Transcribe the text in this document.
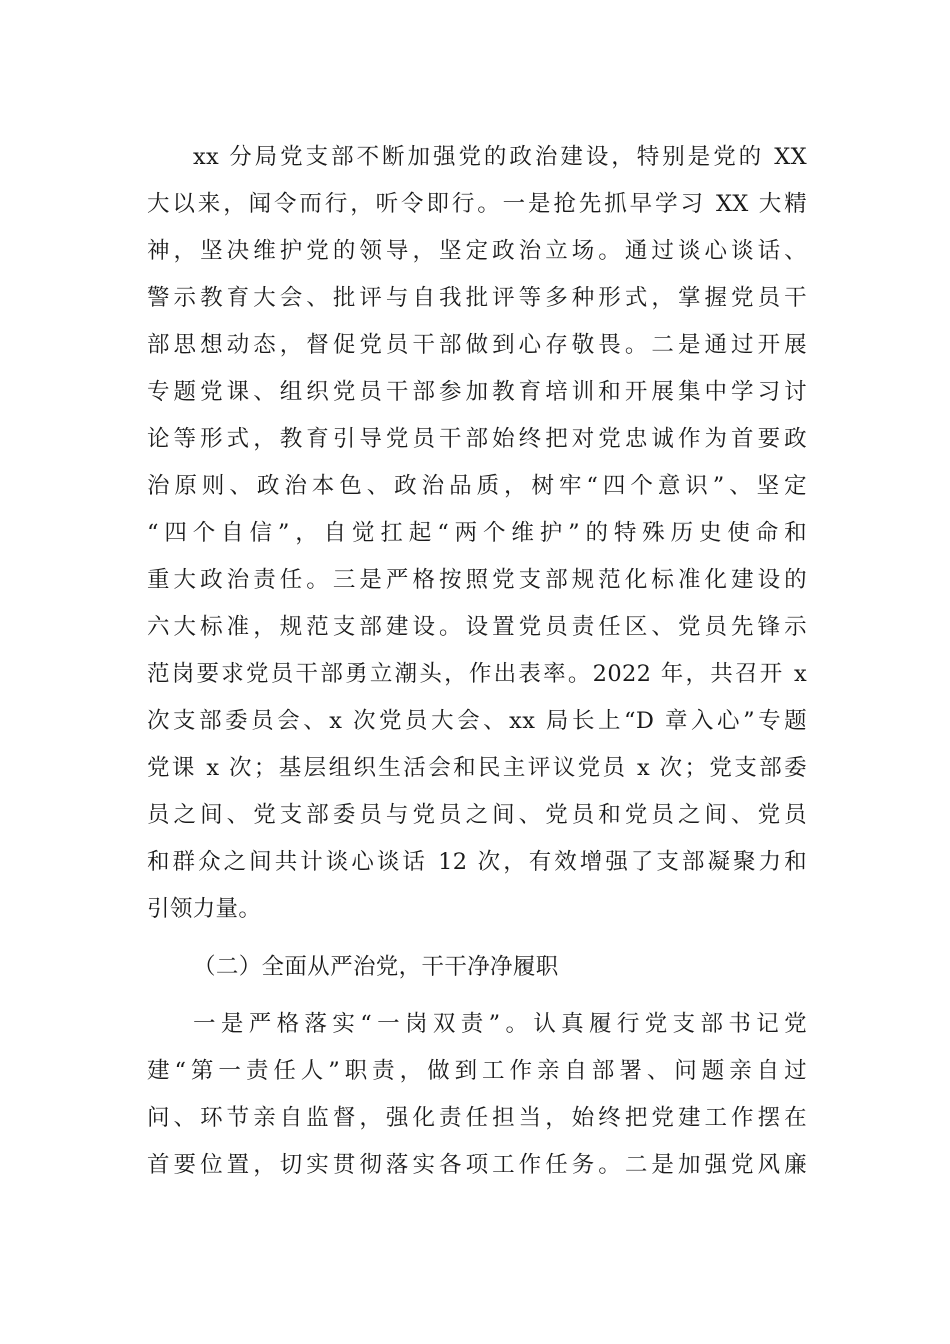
xx 分局党支部不断加强党的政治建设，特别是党的 XX
大以来，闻令而行，听令即行。一是抢先抓早学习 XX 大精
神，坚决维护党的领导，坚定政治立场。通过谈心谈话、
警示教育大会、批评与自我批评等多种形式，掌握党员干
部思想动态，督促党员干部做到心存敬畏。二是通过开展
专题党课、组织党员干部参加教育培训和开展集中学习讨
论等形式，教育引导党员干部始终把对党忠诚作为首要政
治原则、政治本色、政治品质，树牢“四个意识”、坚定
“四个自信”，自觉扛起“两个维护”的特殊历史使命和
重大政治责任。三是严格按照党支部规范化标准化建设的
六大标准，规范支部建设。设置党员责任区、党员先锋示
范岗要求党员干部勇立潮头，作出表率。2022 年，共召开 x
次支部委员会、x 次党员大会、xx 局长上“D 章入心”专题
党课 x 次；基层组织生活会和民主评议党员 x 次；党支部委
员之间、党支部委员与党员之间、党员和党员之间、党员
和群众之间共计谈心谈话 12 次，有效增强了支部凝聚力和
引领力量。
（二）全面从严治党，干干净净履职
一是严格落实“一岗双责”。认真履行党支部书记党
建“第一责任人”职责，做到工作亲自部署、问题亲自过
问、环节亲自监督，强化责任担当，始终把党建工作摆在
首要位置，切实贯彻落实各项工作任务。二是加强党风廉
